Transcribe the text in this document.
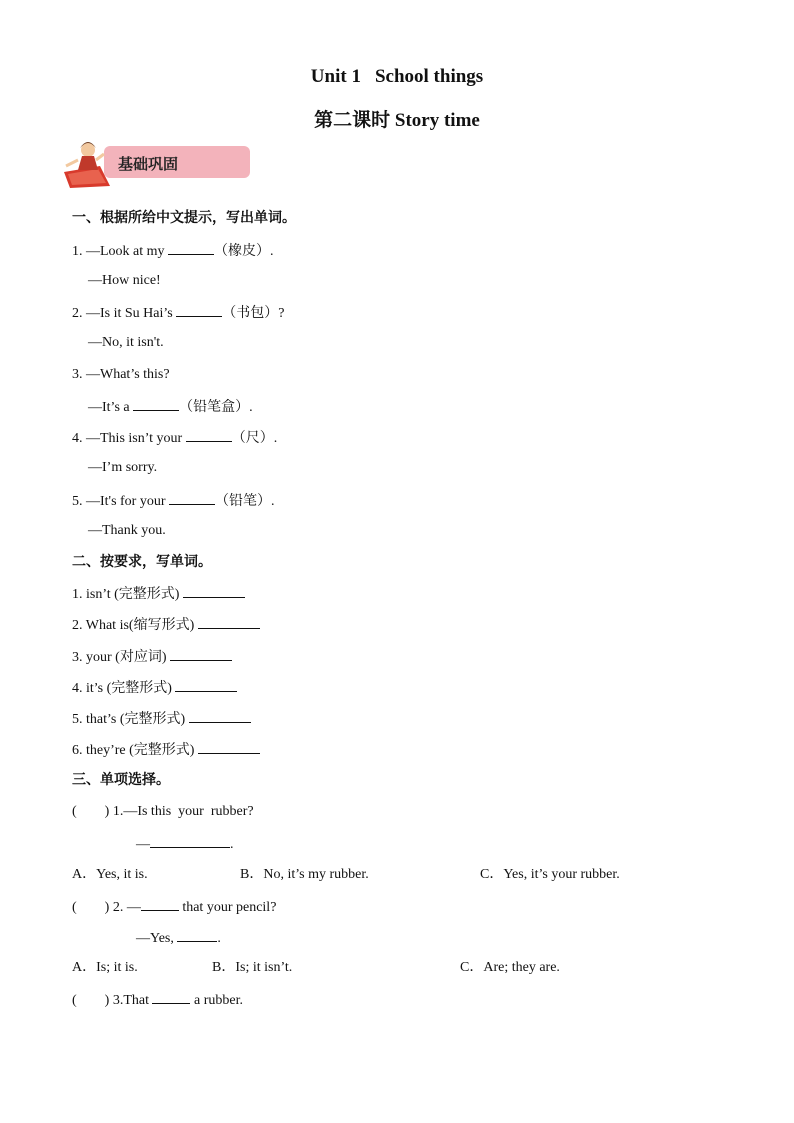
Unit 1 School things
第二课时 Story time
基础巩固
一、根据所给中文提示，写出单词。
1. —Look at my	（橡皮）.
—How nice!
2. —Is it Su Hai’s	（书包）?
—No, it isn't.
3. —What’s this?
—It’s a	（铅笔盒）.
4. —This isn’t your	（尺）.
—I’m sorry.
5. —It's for your	（铅笔）.
—Thank you.
二、按要求，写单词。
1. isn’t (完整形式)
2. What is(缩写形式)
3. your (对应词)
4. it’s (完整形式)
5. that’s (完整形式)
6. they’re (完整形式)
三、单项选择。
(        ) 1.—Is this  your  rubber?
—	.
A．Yes, it is.	B．No, it’s my rubber.	C．Yes, it’s your rubber.
(        ) 2. —	that your pencil?
—Yes,	.
A．Is; it is.	B．Is; it isn’t.	C．Are; they are.
(        ) 3.That	a rubber.
